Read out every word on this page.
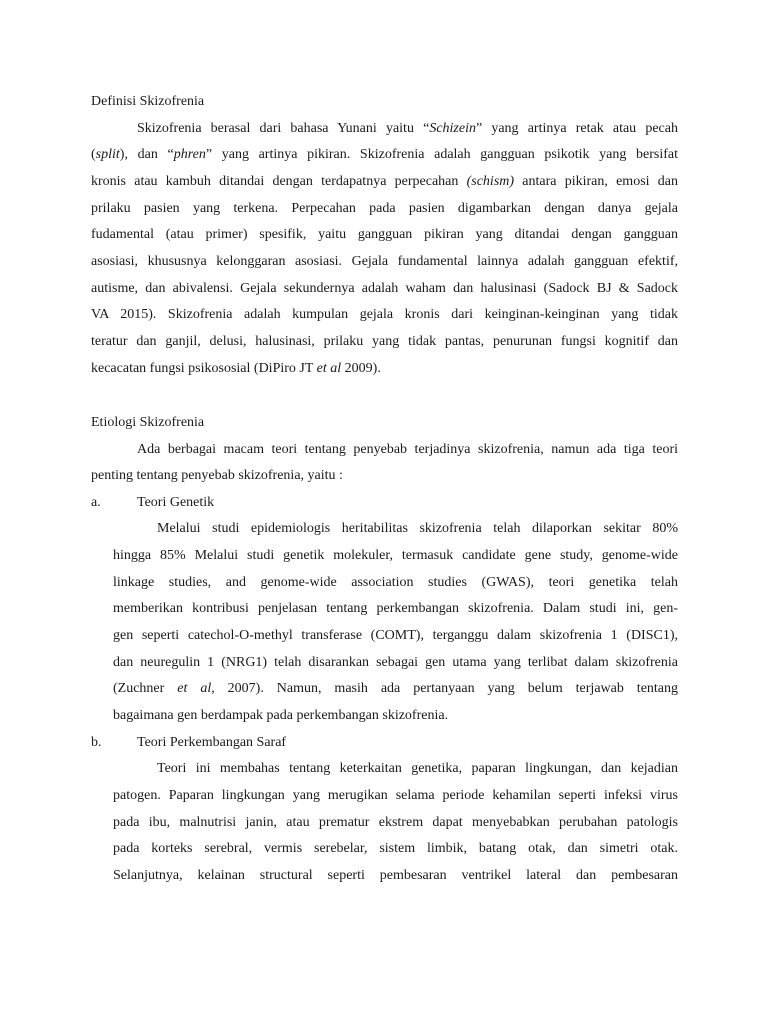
Definisi Skizofrenia

Skizofrenia berasal dari bahasa Yunani yaitu “Schizein” yang artinya retak atau pecah

(split), dan “phren” yang artinya pikiran. Skizofrenia adalah gangguan psikotik yang bersifat

kronis atau kambuh ditandai dengan terdapatnya perpecahan (schism) antara pikiran, emosi dan

prilaku pasien yang terkena. Perpecahan pada pasien digambarkan dengan danya gejala

fudamental (atau primer) spesifik, yaitu gangguan pikiran yang ditandai dengan gangguan

asosiasi, khususnya kelonggaran asosiasi. Gejala fundamental lainnya adalah gangguan efektif,

autisme, dan abivalensi. Gejala sekundernya adalah waham dan halusinasi (Sadock BJ & Sadock

VA 2015). Skizofrenia adalah kumpulan gejala kronis dari keinginan-keinginan yang tidak

teratur dan ganjil, delusi, halusinasi, prilaku yang tidak pantas, penurunan fungsi kognitif dan

kecacatan fungsi psikososial (DiPiro JT et al 2009).

Etiologi Skizofrenia

Ada berbagai macam teori tentang penyebab terjadinya skizofrenia, namun ada tiga teori

penting tentang penyebab skizofrenia, yaitu :

a.	Teori Genetik

Melalui studi epidemiologis heritabilitas skizofrenia telah dilaporkan sekitar 80%

hingga 85% Melalui studi genetik molekuler, termasuk candidate gene study, genome-wide

linkage studies, and genome-wide association studies (GWAS), teori genetika telah

memberikan kontribusi penjelasan tentang perkembangan skizofrenia. Dalam studi ini, gen-

gen seperti catechol-O-methyl transferase (COMT), terganggu dalam skizofrenia 1 (DISC1),

dan neuregulin 1 (NRG1) telah disarankan sebagai gen utama yang terlibat dalam skizofrenia

(Zuchner et al, 2007). Namun, masih ada pertanyaan yang belum terjawab tentang

bagaimana gen berdampak pada perkembangan skizofrenia.

b.	Teori Perkembangan Saraf

Teori ini membahas tentang keterkaitan genetika, paparan lingkungan, dan kejadian

patogen. Paparan lingkungan yang merugikan selama periode kehamilan seperti infeksi virus

pada ibu, malnutrisi janin, atau prematur ekstrem dapat menyebabkan perubahan patologis

pada korteks serebral, vermis serebelar, sistem limbik, batang otak, dan simetri otak.

Selanjutnya, kelainan structural seperti pembesaran ventrikel lateral dan pembesaran
